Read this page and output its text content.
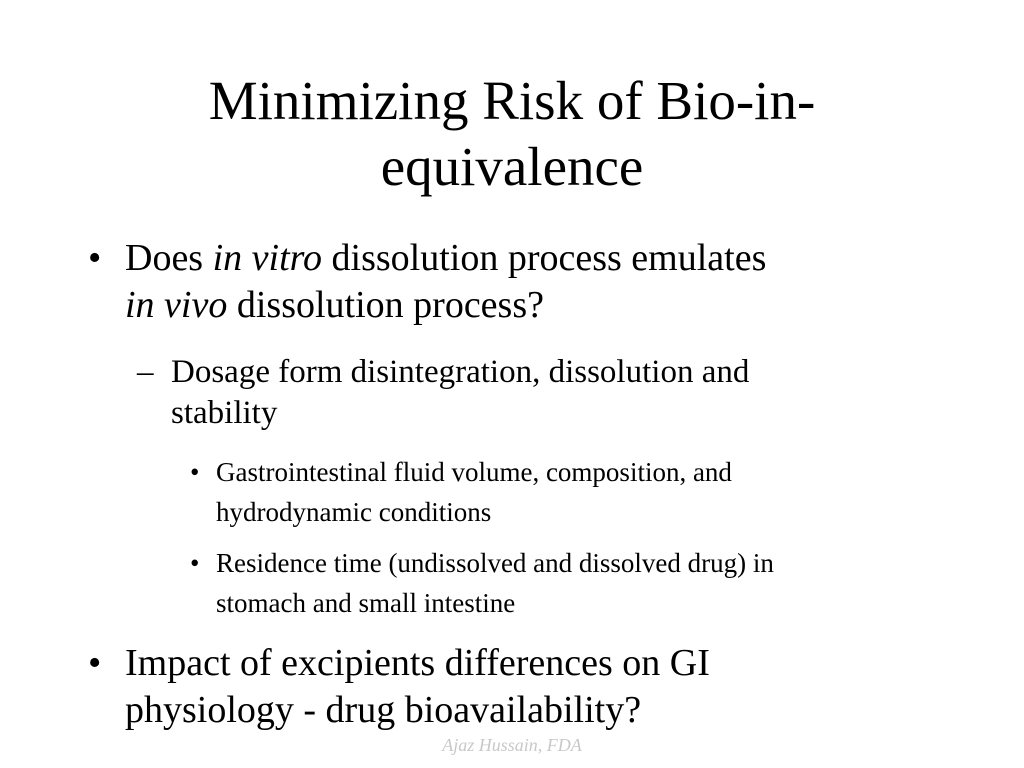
Minimizing Risk of Bio-in-
equivalence
• Does in vitro dissolution process emulates
in vivo dissolution process?
– Dosage form disintegration, dissolution and
stability
• Gastrointestinal fluid volume, composition, and
hydrodynamic conditions
• Residence time (undissolved and dissolved drug) in
stomach and small intestine
• Impact of excipients differences on GI
physiology - drug bioavailability?
Ajaz Hussain, FDA
